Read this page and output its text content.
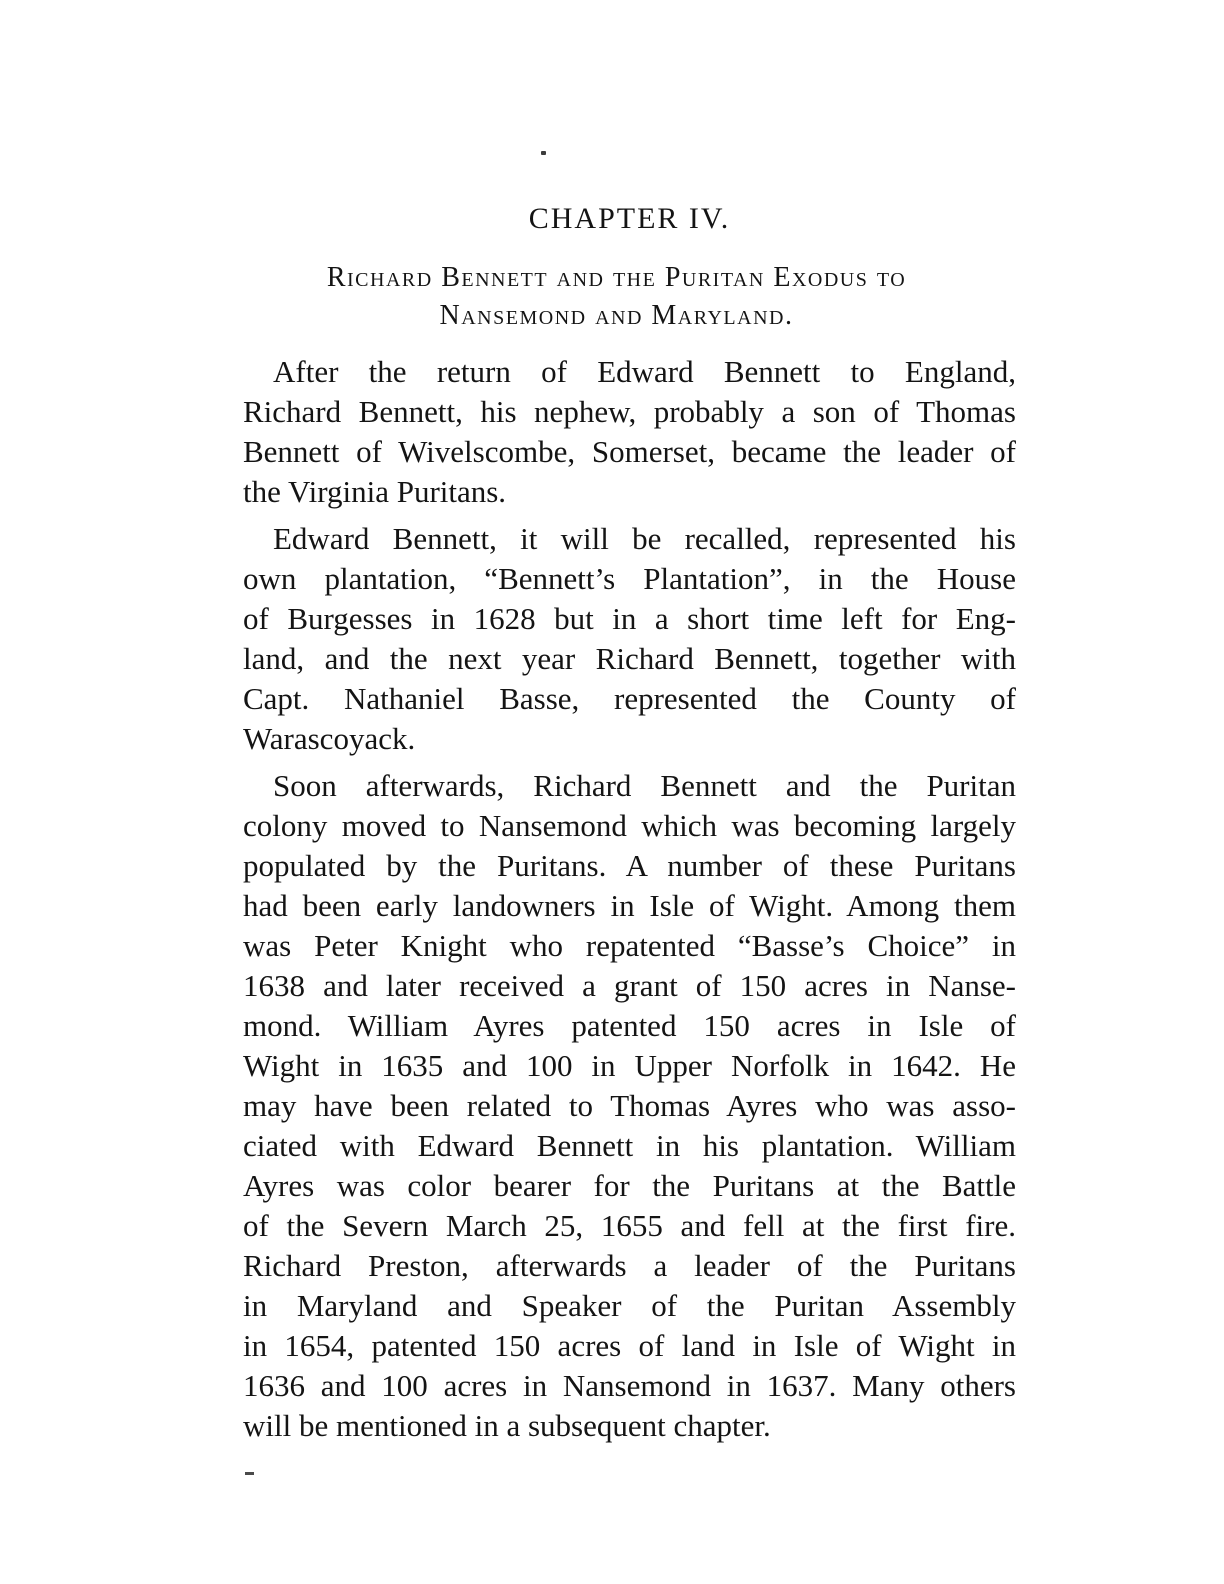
CHAPTER IV.
Richard Bennett and the Puritan Exodus to
Nansemond and Maryland.
After the return of Edward Bennett to England,
Richard Bennett, his nephew, probably a son of Thomas
Bennett of Wivelscombe, Somerset, became the leader of
the Virginia Puritans.
Edward Bennett, it will be recalled, represented his
own plantation, “Bennett’s Plantation”, in the House
of Burgesses in 1628 but in a short time left for Eng-
land, and the next year Richard Bennett, together with
Capt. Nathaniel Basse, represented the County of
Warascoyack.
Soon afterwards, Richard Bennett and the Puritan
colony moved to Nansemond which was becoming largely
populated by the Puritans. A number of these Puritans
had been early landowners in Isle of Wight. Among them
was Peter Knight who repatented “Basse’s Choice” in
1638 and later received a grant of 150 acres in Nanse-
mond. William Ayres patented 150 acres in Isle of
Wight in 1635 and 100 in Upper Norfolk in 1642. He
may have been related to Thomas Ayres who was asso-
ciated with Edward Bennett in his plantation. William
Ayres was color bearer for the Puritans at the Battle
of the Severn March 25, 1655 and fell at the first fire.
Richard Preston, afterwards a leader of the Puritans
in Maryland and Speaker of the Puritan Assembly
in 1654, patented 150 acres of land in Isle of Wight in
1636 and 100 acres in Nansemond in 1637. Many others
will be mentioned in a subsequent chapter.
